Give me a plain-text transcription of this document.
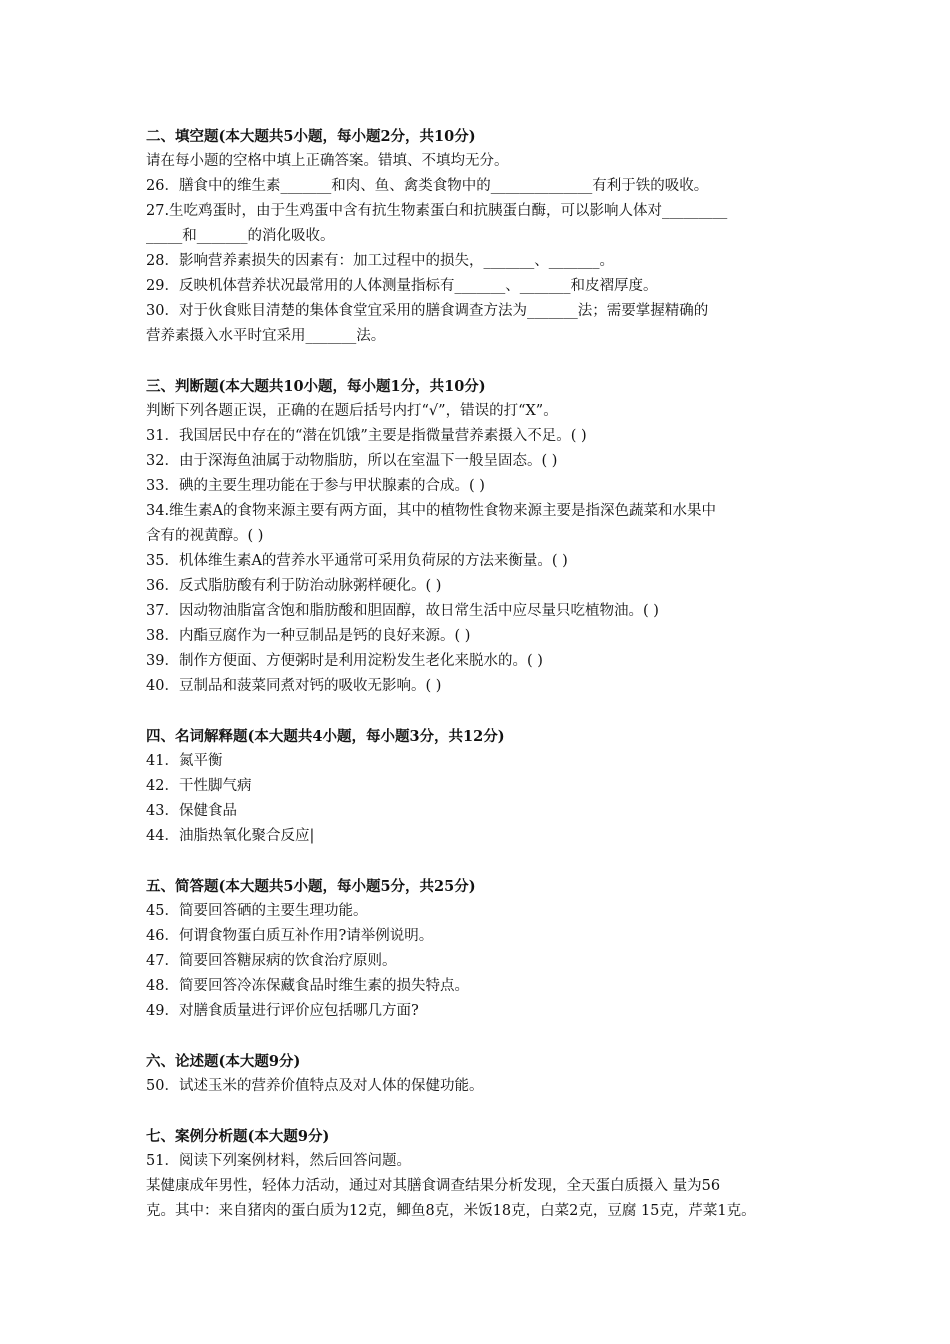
二、填空题(本大题共5小题，每小题2分，共10分)
请在每小题的空格中填上正确答案。错填、不填均无分。
26．膳食中的维生素_______和肉、鱼、禽类食物中的______________有利于铁的吸收。
27.生吃鸡蛋时，由于生鸡蛋中含有抗生物素蛋白和抗胰蛋白酶，可以影响人体对_________
_____和_______的消化吸收。
28．影响营养素损失的因素有：加工过程中的损失，_______、_______。
29．反映机体营养状况最常用的人体测量指标有_______、_______和皮褶厚度。
30．对于伙食账目清楚的集体食堂宜采用的膳食调查方法为_______法；需要掌握精确的
营养素摄入水平时宜采用_______法。
三、判断题(本大题共10小题，每小题1分，共10分)
判断下列各题正误，正确的在题后括号内打“√”，错误的打“X”。
31．我国居民中存在的“潜在饥饿”主要是指微量营养素摄入不足。( )
32．由于深海鱼油属于动物脂肪，所以在室温下一般呈固态。( )
33．碘的主要生理功能在于参与甲状腺素的合成。( )
34.维生素A的食物来源主要有两方面，其中的植物性食物来源主要是指深色蔬菜和水果中
含有的视黄醇。( )
35．机体维生素A的营养水平通常可采用负荷尿的方法来衡量。( )
36．反式脂肪酸有利于防治动脉粥样硬化。( )
37．因动物油脂富含饱和脂肪酸和胆固醇，故日常生活中应尽量只吃植物油。( )
38．内酯豆腐作为一种豆制品是钙的良好来源。( )
39．制作方便面、方便粥时是利用淀粉发生老化来脱水的。( )
40．豆制品和菠菜同煮对钙的吸收无影响。( )
四、名词解释题(本大题共4小题，每小题3分，共12分)
41．氮平衡
42．干性脚气病
43．保健食品
44．油脂热氧化聚合反应|
五、简答题(本大题共5小题，每小题5分，共25分)
45．简要回答硒的主要生理功能。
46．何谓食物蛋白质互补作用?请举例说明。
47．简要回答糖尿病的饮食治疗原则。
48．简要回答冷冻保藏食品时维生素的损失特点。
49．对膳食质量进行评价应包括哪几方面?
六、论述题(本大题9分)
50．试述玉米的营养价值特点及对人体的保健功能。
七、案例分析题(本大题9分)
51．阅读下列案例材料，然后回答问题。
某健康成年男性，轻体力活动，通过对其膳食调查结果分析发现，全天蛋白质摄入 量为56
克。其中：来自猪肉的蛋白质为12克，鲫鱼8克，米饭18克，白菜2克，豆腐 15克，芹菜1克。
